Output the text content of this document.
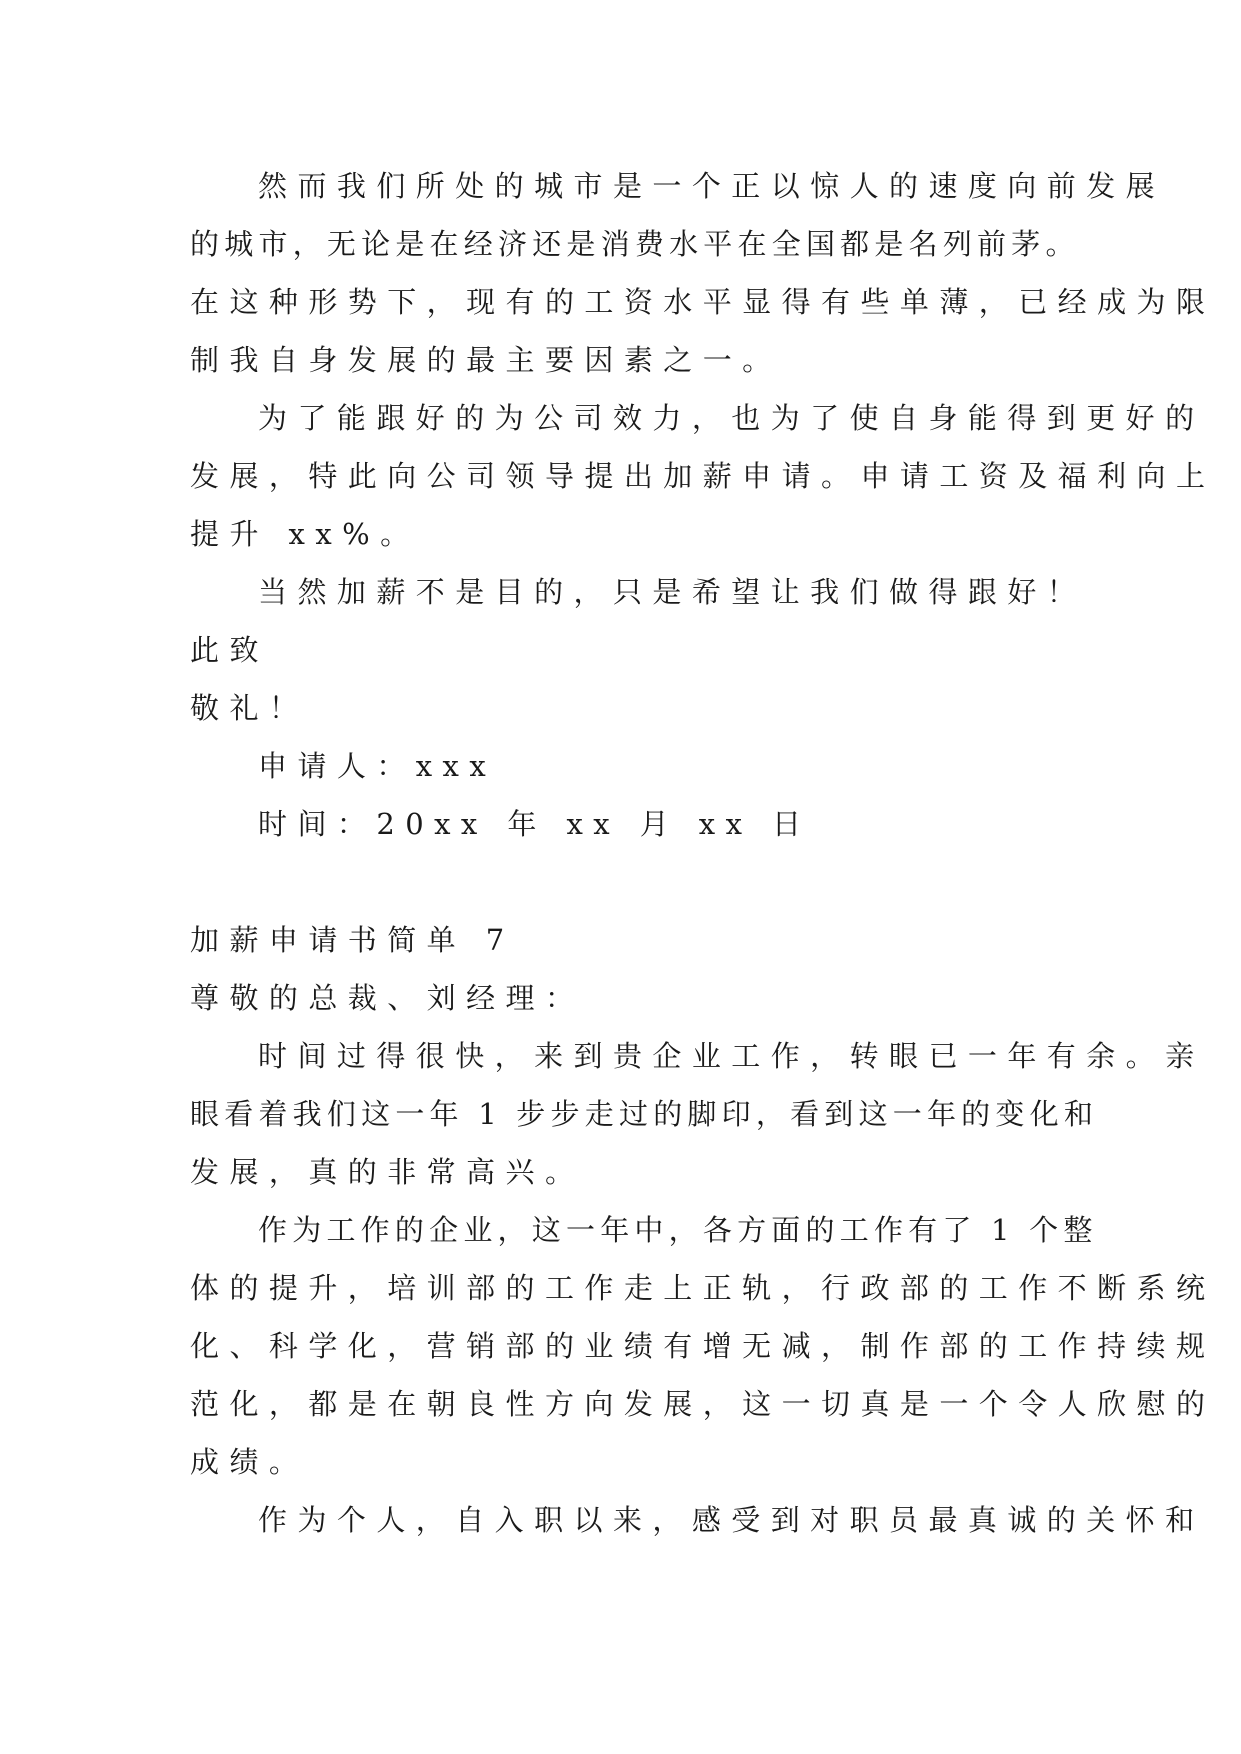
然而我们所处的城市是一个正以惊人的速度向前发展
的城市，无论是在经济还是消费水平在全国都是名列前茅。
在这种形势下，现有的工资水平显得有些单薄，已经成为限
制我自身发展的最主要因素之一。
为了能跟好的为公司效力，也为了使自身能得到更好的
发展，特此向公司领导提出加薪申请。申请工资及福利向上
提升 xx%。
当然加薪不是目的，只是希望让我们做得跟好！
此致
敬礼！
申请人：xxx
时间：20xx 年 xx 月 xx 日
加薪申请书简单 7
尊敬的总裁、刘经理：
时间过得很快，来到贵企业工作，转眼已一年有余。亲
眼看着我们这一年 1 步步走过的脚印，看到这一年的变化和
发展，真的非常高兴。
作为工作的企业，这一年中，各方面的工作有了 1 个整
体的提升，培训部的工作走上正轨，行政部的工作不断系统
化、科学化，营销部的业绩有增无减，制作部的工作持续规
范化，都是在朝良性方向发展，这一切真是一个令人欣慰的
成绩。
作为个人，自入职以来，感受到对职员最真诚的关怀和
